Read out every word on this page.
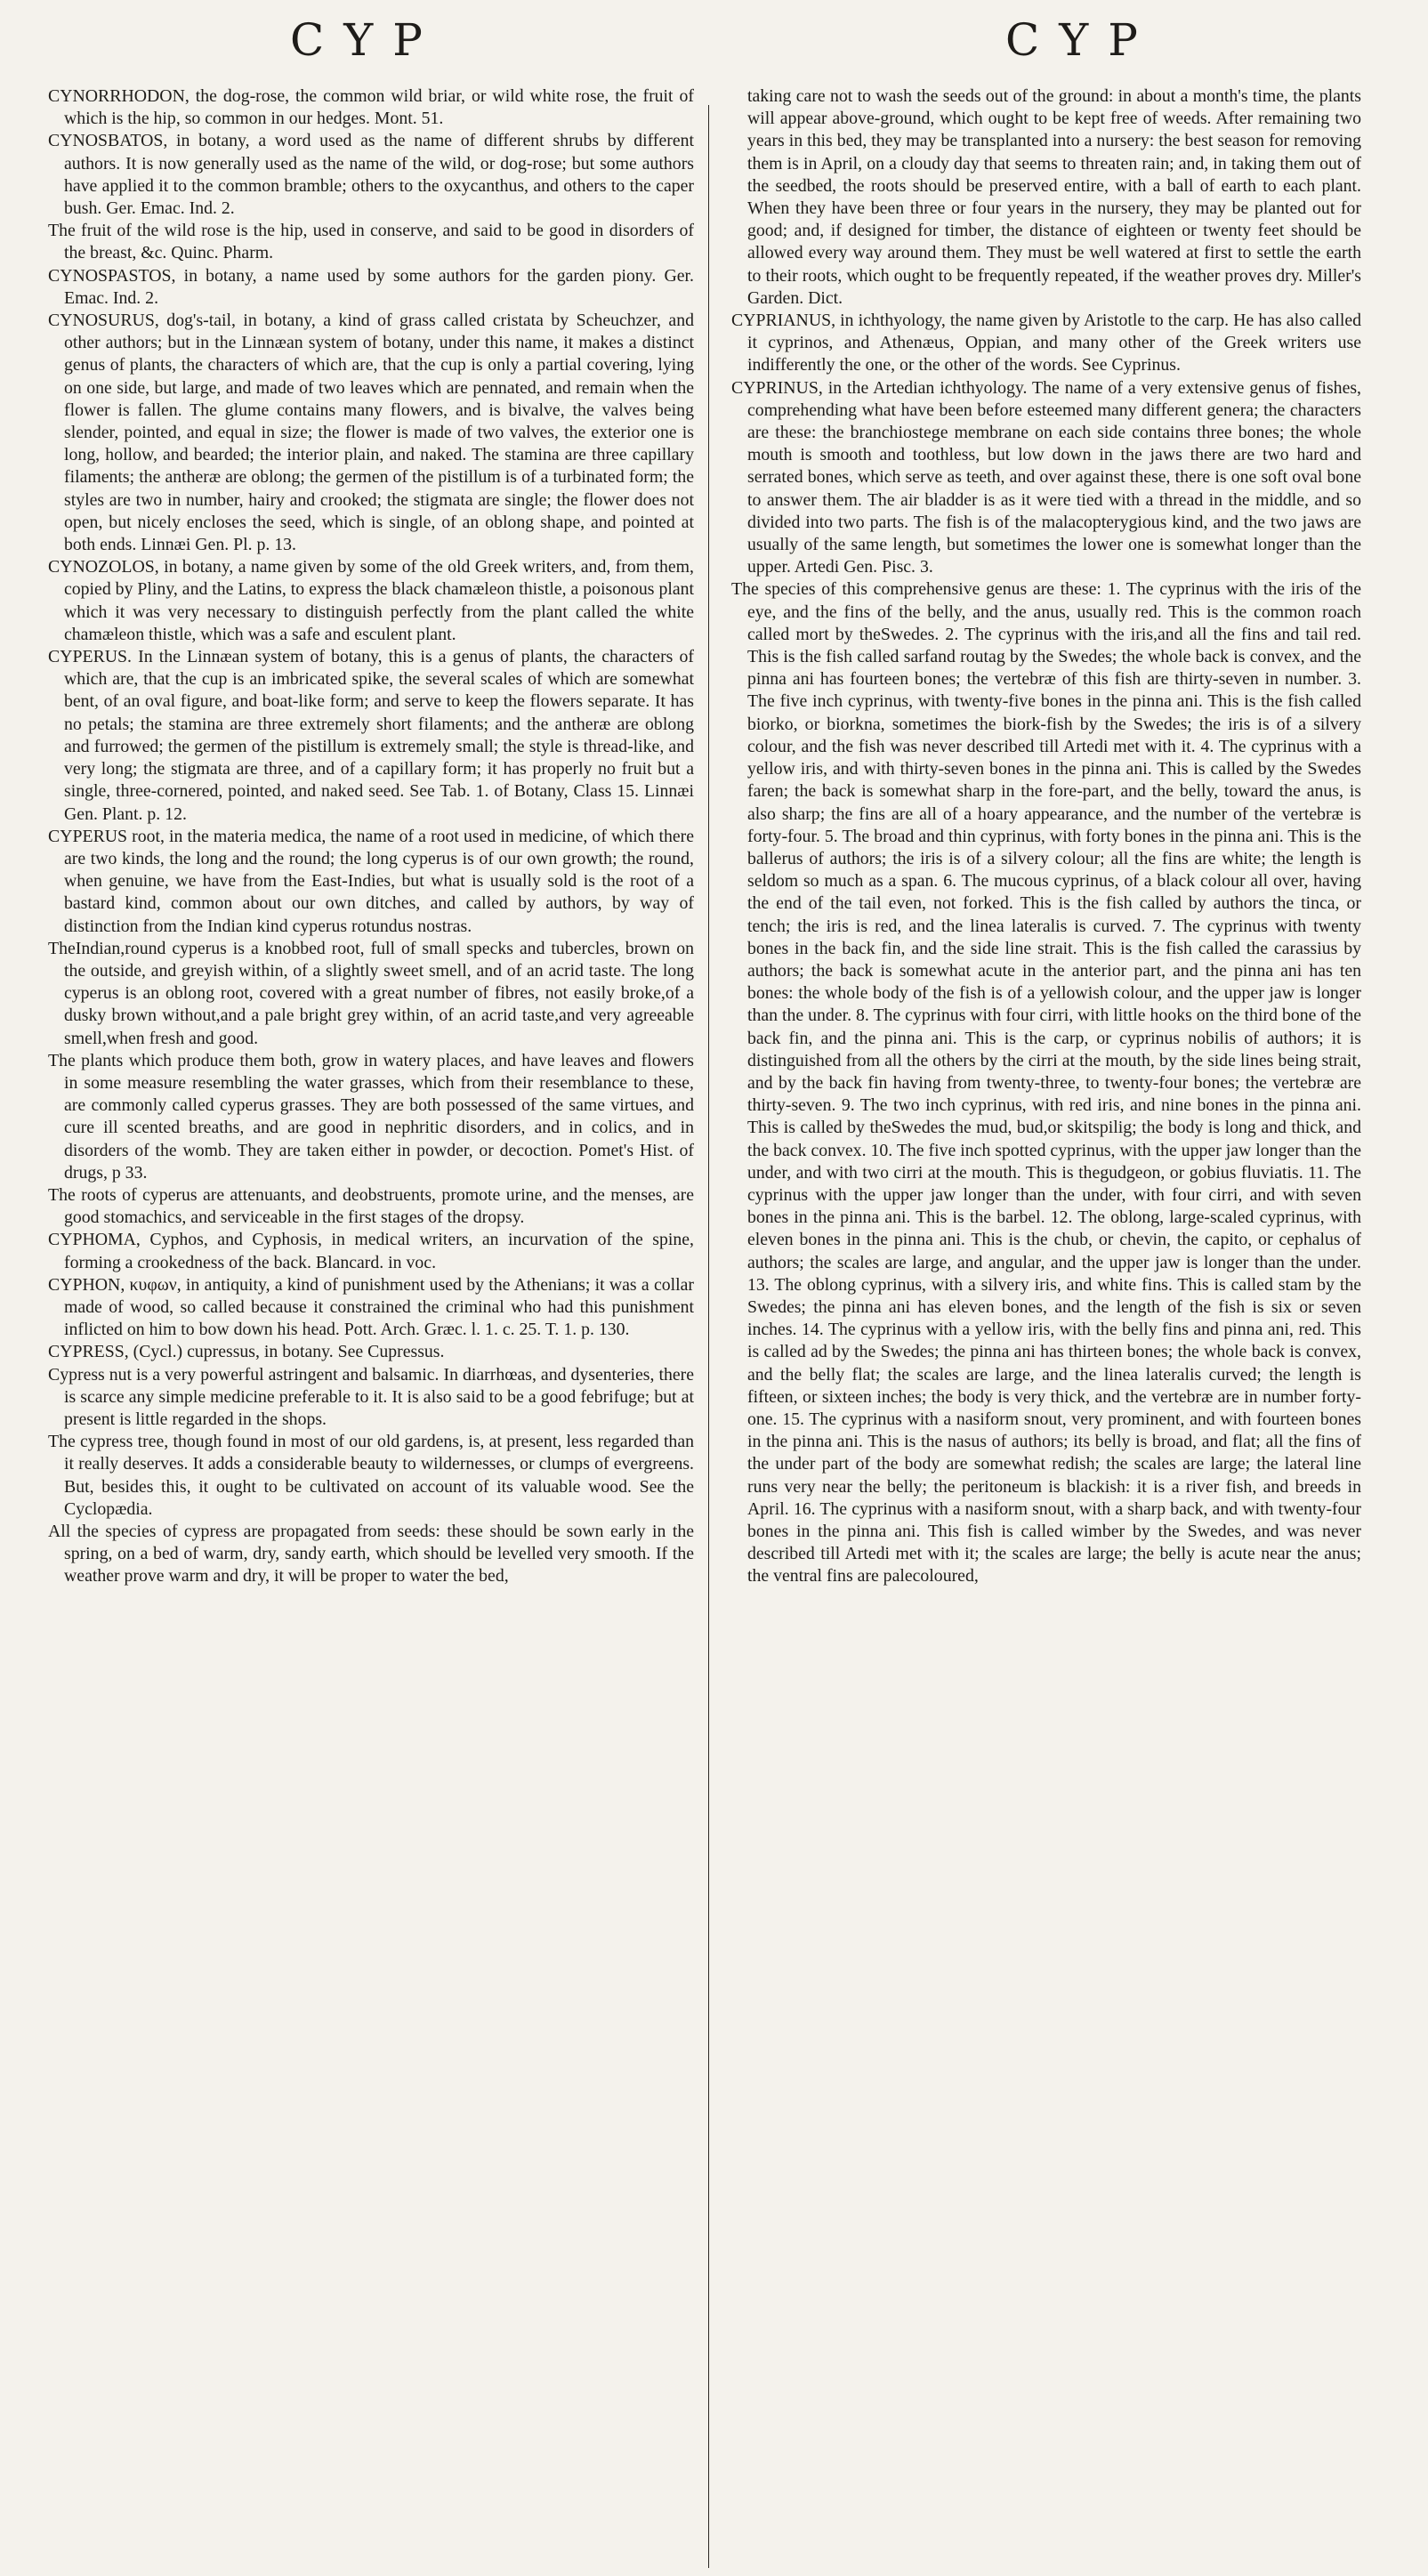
CYP	CYP

CYNORRHODON, the dog-rose, the common wild briar, or wild white rose, the fruit of which is the hip, so common in our hedges. Mont. 51.

CYNOSBATOS, in botany, a word used as the name of different shrubs by different authors. It is now generally used as the name of the wild, or dog-rose; but some authors have applied it to the common bramble; others to the oxycanthus, and others to the caper bush. Ger. Emac. Ind. 2.

The fruit of the wild rose is the hip, used in conserve, and said to be good in disorders of the breast, &c. Quinc. Pharm.

CYNOSPASTOS, in botany, a name used by some authors for the garden piony. Ger. Emac. Ind. 2.

CYNOSURUS, dog's-tail, in botany, a kind of grass called cristata by Scheuchzer, and other authors; but in the Linnæan system of botany, under this name, it makes a distinct genus of plants, the characters of which are, that the cup is only a partial covering, lying on one side, but large, and made of two leaves which are pennated, and remain when the flower is fallen. The glume contains many flowers, and is bivalve, the valves being slender, pointed, and equal in size; the flower is made of two valves, the exterior one is long, hollow, and bearded; the interior plain, and naked. The stamina are three capillary filaments; the antheræ are oblong; the germen of the pistillum is of a turbinated form; the styles are two in number, hairy and crooked; the stigmata are single; the flower does not open, but nicely encloses the seed, which is single, of an oblong shape, and pointed at both ends. Linnæi Gen. Pl. p. 13.

CYNOZOLOS, in botany, a name given by some of the old Greek writers, and, from them, copied by Pliny, and the Latins, to express the black chamæleon thistle, a poisonous plant which it was very necessary to distinguish perfectly from the plant called the white chamæleon thistle, which was a safe and esculent plant.

CYPERUS. In the Linnæan system of botany, this is a genus of plants, the characters of which are, that the cup is an imbricated spike, the several scales of which are somewhat bent, of an oval figure, and boat-like form; and serve to keep the flowers separate. It has no petals; the stamina are three extremely short filaments; and the antheræ are oblong and furrowed; the germen of the pistillum is extremely small; the style is thread-like, and very long; the stigmata are three, and of a capillary form; it has properly no fruit but a single, three-cornered, pointed, and naked seed. See Tab. 1. of Botany, Class 15. Linnæi Gen. Plant. p. 12.

CYPERUS root, in the materia medica, the name of a root used in medicine, of which there are two kinds, the long and the round; the long cyperus is of our own growth; the round, when genuine, we have from the East-Indies, but what is usually sold is the root of a bastard kind, common about our own ditches, and called by authors, by way of distinction from the Indian kind cyperus rotundus nostras.

TheIndian,round cyperus is a knobbed root, full of small specks and tubercles, brown on the outside, and greyish within, of a slightly sweet smell, and of an acrid taste. The long cyperus is an oblong root, covered with a great number of fibres, not easily broke,of a dusky brown without,and a pale bright grey within, of an acrid taste,and very agreeable smell,when fresh and good.

The plants which produce them both, grow in watery places, and have leaves and flowers in some measure resembling the water grasses, which from their resemblance to these, are commonly called cyperus grasses. They are both possessed of the same virtues, and cure ill scented breaths, and are good in nephritic disorders, and in colics, and in disorders of the womb. They are taken either in powder, or decoction. Pomet's Hist. of drugs, p 33.

The roots of cyperus are attenuants, and deobstruents, promote urine, and the menses, are good stomachics, and serviceable in the first stages of the dropsy.

CYPHOMA, Cyphos, and Cyphosis, in medical writers, an incurvation of the spine, forming a crookedness of the back. Blancard. in voc.

CYPHON, κυφων, in antiquity, a kind of punishment used by the Athenians; it was a collar made of wood, so called because it constrained the criminal who had this punishment inflicted on him to bow down his head. Pott. Arch. Græc. l. 1. c. 25. T. 1. p. 130.

CYPRESS, (Cycl.) cupressus, in botany. See Cupressus.

Cypress nut is a very powerful astringent and balsamic. In diarrhœas, and dysenteries, there is scarce any simple medicine preferable to it. It is also said to be a good febrifuge; but at present is little regarded in the shops.

The cypress tree, though found in most of our old gardens, is, at present, less regarded than it really deserves. It adds a considerable beauty to wildernesses, or clumps of evergreens. But, besides this, it ought to be cultivated on account of its valuable wood. See the Cyclopædia.

All the species of cypress are propagated from seeds: these should be sown early in the spring, on a bed of warm, dry, sandy earth, which should be levelled very smooth. If the weather prove warm and dry, it will be proper to water the bed,

taking care not to wash the seeds out of the ground: in about a month's time, the plants will appear above-ground, which ought to be kept free of weeds. After remaining two years in this bed, they may be transplanted into a nursery: the best season for removing them is in April, on a cloudy day that seems to threaten rain; and, in taking them out of the seedbed, the roots should be preserved entire, with a ball of earth to each plant. When they have been three or four years in the nursery, they may be planted out for good; and, if designed for timber, the distance of eighteen or twenty feet should be allowed every way around them. They must be well watered at first to settle the earth to their roots, which ought to be frequently repeated, if the weather proves dry. Miller's Garden. Dict.

CYPRIANUS, in ichthyology, the name given by Aristotle to the carp. He has also called it cyprinos, and Athenæus, Oppian, and many other of the Greek writers use indifferently the one, or the other of the words. See Cyprinus.

CYPRINUS, in the Artedian ichthyology. The name of a very extensive genus of fishes, comprehending what have been before esteemed many different genera; the characters are these: the branchiostege membrane on each side contains three bones; the whole mouth is smooth and toothless, but low down in the jaws there are two hard and serrated bones, which serve as teeth, and over against these, there is one soft oval bone to answer them. The air bladder is as it were tied with a thread in the middle, and so divided into two parts. The fish is of the malacopterygious kind, and the two jaws are usually of the same length, but sometimes the lower one is somewhat longer than the upper. Artedi Gen. Pisc. 3.

The species of this comprehensive genus are these: 1. The cyprinus with the iris of the eye, and the fins of the belly, and the anus, usually red. This is the common roach called mort by theSwedes. 2. The cyprinus with the iris,and all the fins and tail red. This is the fish called sarfand routag by the Swedes; the whole back is convex, and the pinna ani has fourteen bones; the vertebræ of this fish are thirty-seven in number. 3. The five inch cyprinus, with twenty-five bones in the pinna ani. This is the fish called biorko, or biorkna, sometimes the biork-fish by the Swedes; the iris is of a silvery colour, and the fish was never described till Artedi met with it. 4. The cyprinus with a yellow iris, and with thirty-seven bones in the pinna ani. This is called by the Swedes faren; the back is somewhat sharp in the fore-part, and the belly, toward the anus, is also sharp; the fins are all of a hoary appearance, and the number of the vertebræ is forty-four. 5. The broad and thin cyprinus, with forty bones in the pinna ani. This is the ballerus of authors; the iris is of a silvery colour; all the fins are white; the length is seldom so much as a span. 6. The mucous cyprinus, of a black colour all over, having the end of the tail even, not forked. This is the fish called by authors the tinca, or tench; the iris is red, and the linea lateralis is curved. 7. The cyprinus with twenty bones in the back fin, and the side line strait. This is the fish called the carassius by authors; the back is somewhat acute in the anterior part, and the pinna ani has ten bones: the whole body of the fish is of a yellowish colour, and the upper jaw is longer than the under. 8. The cyprinus with four cirri, with little hooks on the third bone of the back fin, and the pinna ani. This is the carp, or cyprinus nobilis of authors; it is distinguished from all the others by the cirri at the mouth, by the side lines being strait, and by the back fin having from twenty-three, to twenty-four bones; the vertebræ are thirty-seven. 9. The two inch cyprinus, with red iris, and nine bones in the pinna ani. This is called by theSwedes the mud, bud,or skitspilig; the body is long and thick, and the back convex. 10. The five inch spotted cyprinus, with the upper jaw longer than the under, and with two cirri at the mouth. This is thegudgeon, or gobius fluviatis. 11. The cyprinus with the upper jaw longer than the under, with four cirri, and with seven bones in the pinna ani. This is the barbel. 12. The oblong, large-scaled cyprinus, with eleven bones in the pinna ani. This is the chub, or chevin, the capito, or cephalus of authors; the scales are large, and angular, and the upper jaw is longer than the under. 13. The oblong cyprinus, with a silvery iris, and white fins. This is called stam by the Swedes; the pinna ani has eleven bones, and the length of the fish is six or seven inches. 14. The cyprinus with a yellow iris, with the belly fins and pinna ani, red. This is called ad by the Swedes; the pinna ani has thirteen bones; the whole back is convex, and the belly flat; the scales are large, and the linea lateralis curved; the length is fifteen, or sixteen inches; the body is very thick, and the vertebræ are in number forty-one. 15. The cyprinus with a nasiform snout, very prominent, and with fourteen bones in the pinna ani. This is the nasus of authors; its belly is broad, and flat; all the fins of the under part of the body are somewhat redish; the scales are large; the lateral line runs very near the belly; the peritoneum is blackish: it is a river fish, and breeds in April. 16. The cyprinus with a nasiform snout, with a sharp back, and with twenty-four bones in the pinna ani. This fish is called wimber by the Swedes, and was never described till Artedi met with it; the scales are large; the belly is acute near the anus; the ventral fins are palecoloured,
